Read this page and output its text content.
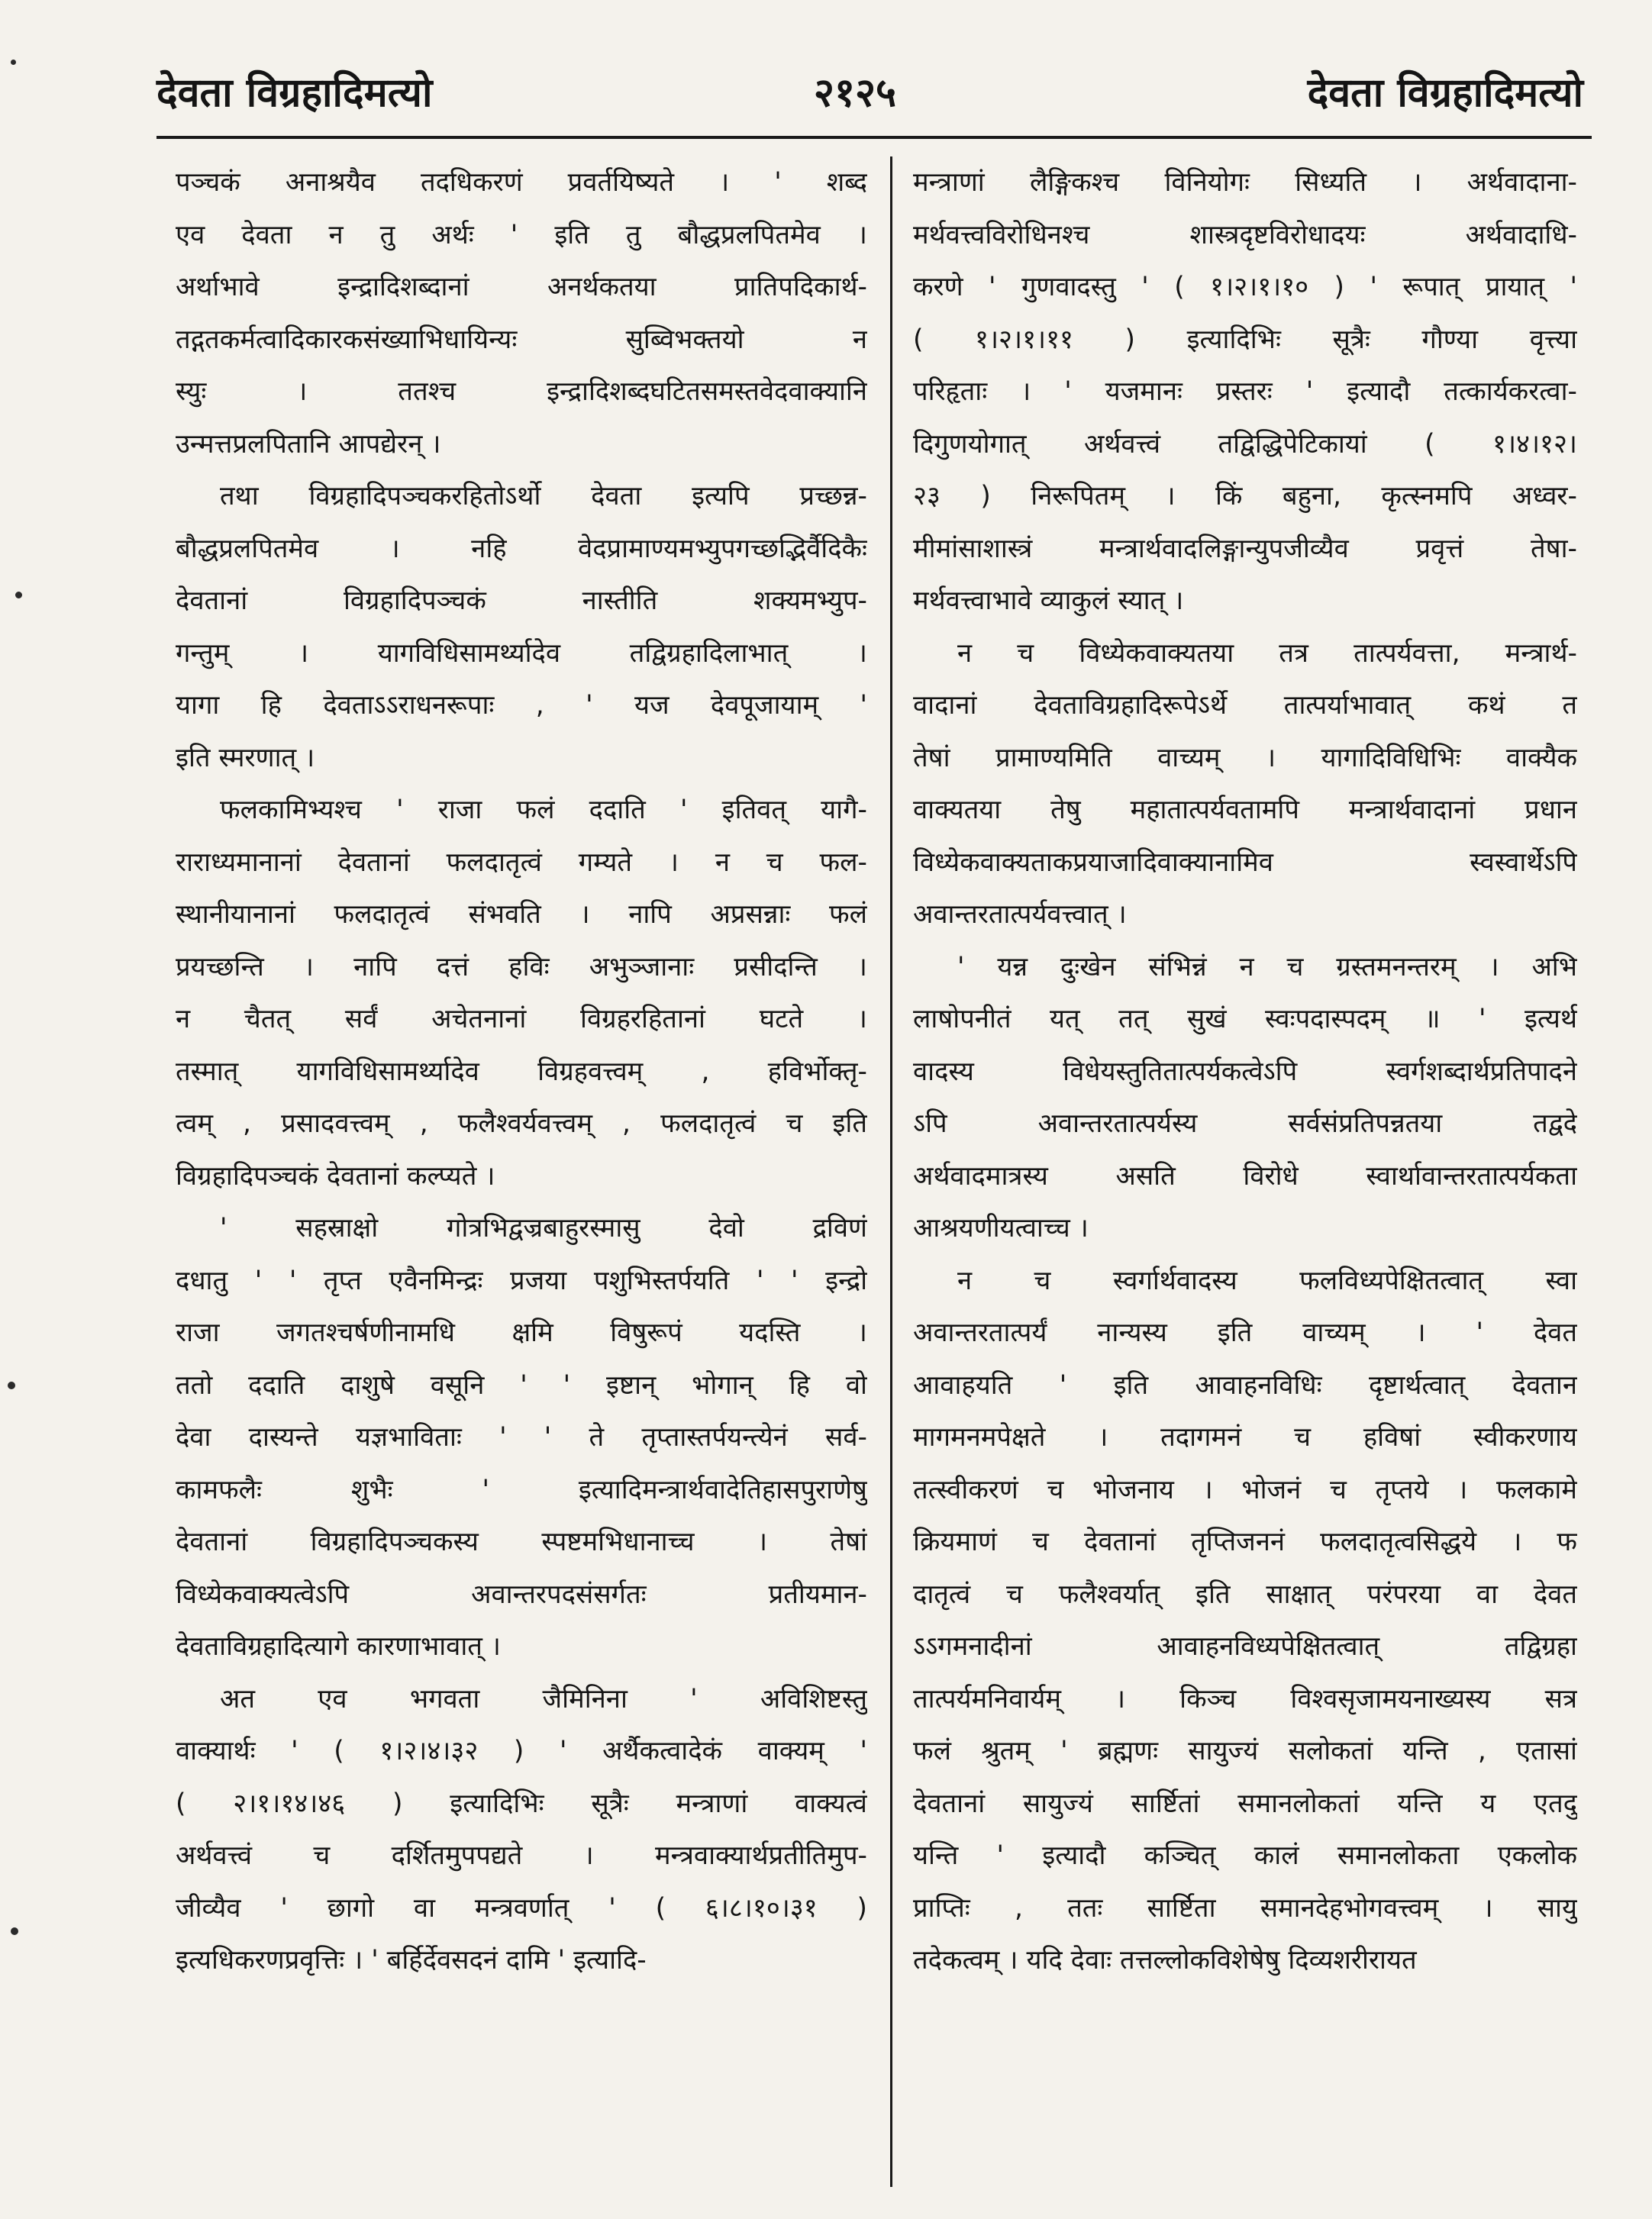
देवता विग्रहादिमत्यो	२१२५	देवता विग्रहादिमत्यो
पञ्चकं अनाश्रयैव तदधिकरणं प्रवर्तयिष्यते । ' शब्द
एव देवता न तु अर्थः ' इति तु बौद्धप्रलपितमेव ।
अर्थाभावे इन्द्रादिशब्दानां अनर्थकतया प्रातिपदिकार्थ-
तद्गतकर्मत्वादिकारकसंख्याभिधायिन्यः सुब्विभक्तयो न
स्युः । ततश्च इन्द्रादिशब्दघटितसमस्तवेदवाक्यानि
उन्मत्तप्रलपितानि आपद्येरन् ।
तथा विग्रहादिपञ्चकरहितोऽर्थो देवता इत्यपि प्रच्छन्न-
बौद्धप्रलपितमेव । नहि वेदप्रामाण्यमभ्युपगच्छद्भिर्वैदिकैः
देवतानां विग्रहादिपञ्चकं नास्तीति शक्यमभ्युप-
गन्तुम् । यागविधिसामर्थ्यादेव तद्विग्रहादिलाभात् ।
यागा हि देवताऽऽराधनरूपाः , ' यज देवपूजायाम् '
इति स्मरणात् ।
फलकामिभ्यश्च ' राजा फलं ददाति ' इतिवत् यागै-
राराध्यमानानां देवतानां फलदातृत्वं गम्यते । न च फल-
स्थानीयानानां फलदातृत्वं संभवति । नापि अप्रसन्नाः फलं
प्रयच्छन्ति । नापि दत्तं हविः अभुञ्जानाः प्रसीदन्ति ।
न चैतत् सर्वं अचेतनानां विग्रहरहितानां घटते ।
तस्मात् यागविधिसामर्थ्यादेव विग्रहवत्त्वम् , हविर्भोक्तृ-
त्वम् , प्रसादवत्त्वम् , फलैश्वर्यवत्त्वम् , फलदातृत्वं च इति
विग्रहादिपञ्चकं देवतानां कल्प्यते ।
' सहस्राक्षो गोत्रभिद्वज्रबाहुरस्मासु देवो द्रविणं
दधातु ' ' तृप्त एवैनमिन्द्रः प्रजया पशुभिस्तर्पयति ' ' इन्द्रो
राजा जगतश्चर्षणीनामधि क्षमि विषुरूपं यदस्ति ।
ततो ददाति दाशुषे वसूनि ' ' इष्टान् भोगान् हि वो
देवा दास्यन्ते यज्ञभाविताः ' ' ते तृप्तास्तर्पयन्त्येनं सर्व-
कामफलैः शुभैः ' इत्यादिमन्त्रार्थवादेतिहासपुराणेषु
देवतानां विग्रहादिपञ्चकस्य स्पष्टमभिधानाच्च । तेषां
विध्येकवाक्यत्वेऽपि अवान्तरपदसंसर्गतः प्रतीयमान-
देवताविग्रहादित्यागे कारणाभावात् ।
अत एव भगवता जैमिनिना ' अविशिष्टस्तु
वाक्यार्थः ' ( १।२।४।३२ ) ' अर्थैकत्वादेकं वाक्यम् '
( २।१।१४।४६ ) इत्यादिभिः सूत्रैः मन्त्राणां वाक्यत्वं
अर्थवत्त्वं च दर्शितमुपपद्यते । मन्त्रवाक्यार्थप्रतीतिमुप-
जीव्यैव ' छागो वा मन्त्रवर्णात् ' ( ६।८।१०।३१ )
इत्यधिकरणप्रवृत्तिः । ' बर्हिर्देवसदनं दामि ' इत्यादि-
मन्त्राणां लैङ्गिकश्च विनियोगः सिध्यति । अर्थवादाना-
मर्थवत्त्वविरोधिनश्च शास्त्रदृष्टविरोधादयः अर्थवादाधि-
करणे ' गुणवादस्तु ' ( १।२।१।१० ) ' रूपात् प्रायात् '
( १।२।१।११ ) इत्यादिभिः सूत्रैः गौण्या वृत्त्या
परिहृताः । ' यजमानः प्रस्तरः ' इत्यादौ तत्कार्यकरत्वा-
दिगुणयोगात् अर्थवत्त्वं तद्विद्धिपेटिकायां ( १।४।१२।
२३ ) निरूपितम् । किं बहुना, कृत्स्नमपि अध्वर-
मीमांसाशास्त्रं मन्त्रार्थवादलिङ्गान्युपजीव्यैव प्रवृत्तं तेषा-
मर्थवत्त्वाभावे व्याकुलं स्यात् ।
न च विध्येकवाक्यतया तत्र तात्पर्यवत्ता, मन्त्रार्थ-
वादानां देवताविग्रहादिरूपेऽर्थे तात्पर्याभावात् कथं त
तेषां प्रामाण्यमिति वाच्यम् । यागादिविधिभिः वाक्यैक
वाक्यतया तेषु महातात्पर्यवतामपि मन्त्रार्थवादानां प्रधान
विध्येकवाक्यताकप्रयाजादिवाक्यानामिव स्वस्वार्थेऽपि
अवान्तरतात्पर्यवत्त्वात् ।
' यन्न दुःखेन संभिन्नं न च ग्रस्तमनन्तरम् । अभि
लाषोपनीतं यत् तत् सुखं स्वःपदास्पदम् ॥ ' इत्यर्थ
वादस्य विधेयस्तुतितात्पर्यकत्वेऽपि स्वर्गशब्दार्थप्रतिपादने
ऽपि अवान्तरतात्पर्यस्य सर्वसंप्रतिपन्नतया तद्वदे
अर्थवादमात्रस्य असति विरोधे स्वार्थावान्तरतात्पर्यकता
आश्रयणीयत्वाच्च ।
न च स्वर्गार्थवादस्य फलविध्यपेक्षितत्वात् स्वा
अवान्तरतात्पर्यं नान्यस्य इति वाच्यम् । ' देवत
आवाहयति ' इति आवाहनविधिः दृष्टार्थत्वात् देवतान
मागमनमपेक्षते । तदागमनं च हविषां स्वीकरणाय
तत्स्वीकरणं च भोजनाय । भोजनं च तृप्तये । फलकामे
क्रियमाणं च देवतानां तृप्तिजननं फलदातृत्वसिद्धये । फ
दातृत्वं च फलैश्वर्यात् इति साक्षात् परंपरया वा देवत
ऽऽगमनादीनां आवाहनविध्यपेक्षितत्वात् तद्विग्रहा
तात्पर्यमनिवार्यम् । किञ्च विश्वसृजामयनाख्यस्य सत्र
फलं श्रुतम् ' ब्रह्मणः सायुज्यं सलोकतां यन्ति , एतासां
देवतानां सायुज्यं सार्ष्टितां समानलोकतां यन्ति य एतदु
यन्ति ' इत्यादौ कञ्चित् कालं समानलोकता एकलोक
प्राप्तिः , ततः सार्ष्टिता समानदेहभोगवत्त्वम् । सायु
तदेकत्वम् । यदि देवाः तत्तल्लोकविशेषेषु दिव्यशरीरायत
